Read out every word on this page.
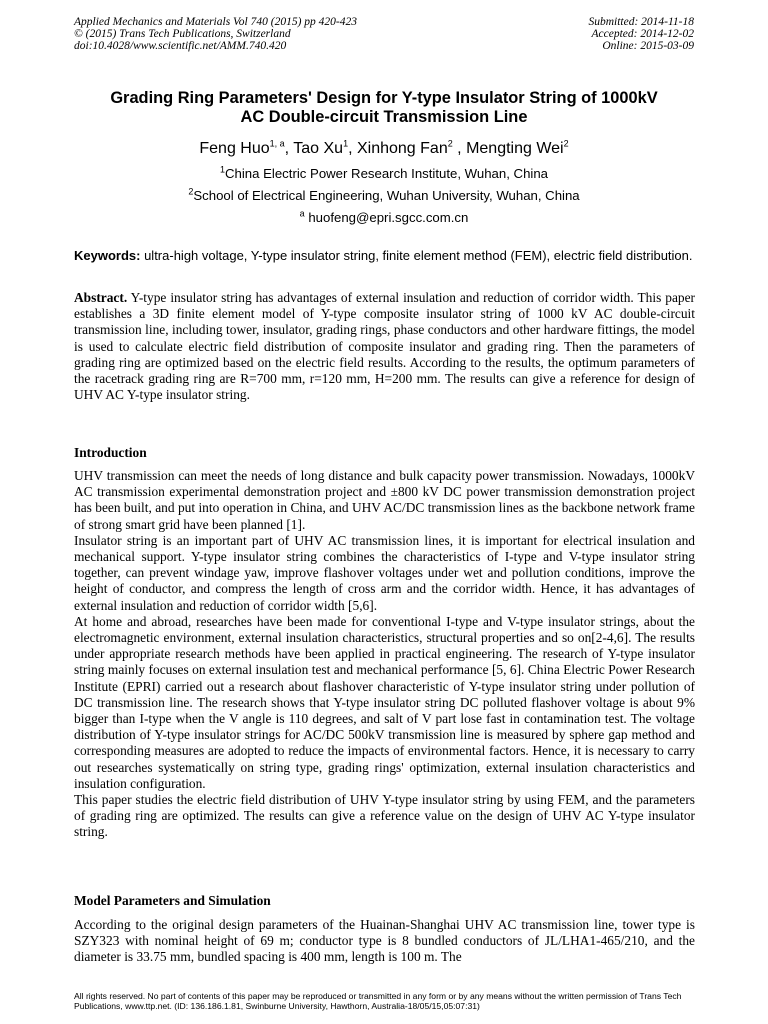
Applied Mechanics and Materials Vol 740 (2015) pp 420-423
© (2015) Trans Tech Publications, Switzerland
doi:10.4028/www.scientific.net/AMM.740.420
Submitted: 2014-11-18
Accepted: 2014-12-02
Online: 2015-03-09
Grading Ring Parameters' Design for Y-type Insulator String of 1000kV
AC Double-circuit Transmission Line
Feng Huo$^{1, a}$, Tao Xu$^1$, Xinhong Fan$^2$ , Mengting Wei$^2$
$^1$China Electric Power Research Institute, Wuhan, China
$^2$School of Electrical Engineering, Wuhan University, Wuhan, China
$^a$ huofeng@epri.sgcc.com.cn
Keywords: ultra-high voltage, Y-type insulator string, finite element method (FEM), electric field distribution.
Abstract. Y-type insulator string has advantages of external insulation and reduction of corridor width. This paper establishes a 3D finite element model of Y-type composite insulator string of 1000 kV AC double-circuit transmission line, including tower, insulator, grading rings, phase conductors and other hardware fittings, the model is used to calculate electric field distribution of composite insulator and grading ring. Then the parameters of grading ring are optimized based on the electric field results. According to the results, the optimum parameters of the racetrack grading ring are R=700 mm, r=120 mm, H=200 mm. The results can give a reference for design of UHV AC Y-type insulator string.
Introduction

UHV transmission can meet the needs of long distance and bulk capacity power transmission. Nowadays, 1000kV AC transmission experimental demonstration project and ±800 kV DC power transmission demonstration project has been built, and put into operation in China, and UHV AC/DC transmission lines as the backbone network frame of strong smart grid have been planned [1].

Insulator string is an important part of UHV AC transmission lines, it is important for electrical insulation and mechanical support. Y-type insulator string combines the characteristics of I-type and V-type insulator string together, can prevent windage yaw, improve flashover voltages under wet and pollution conditions, improve the height of conductor, and compress the length of cross arm and the corridor width. Hence, it has advantages of external insulation and reduction of corridor width [5,6].

At home and abroad, researches have been made for conventional I-type and V-type insulator strings, about the electromagnetic environment, external insulation characteristics, structural properties and so on[2-4,6]. The results under appropriate research methods have been applied in practical engineering. The research of Y-type insulator string mainly focuses on external insulation test and mechanical performance [5, 6]. China Electric Power Research Institute (EPRI) carried out a research about flashover characteristic of Y-type insulator string under pollution of DC transmission line. The research shows that Y-type insulator string DC polluted flashover voltage is about 9% bigger than I-type when the V angle is 110 degrees, and salt of V part lose fast in contamination test. The voltage distribution of Y-type insulator strings for AC/DC 500kV transmission line is measured by sphere gap method and corresponding measures are adopted to reduce the impacts of environmental factors. Hence, it is necessary to carry out researches systematically on string type, grading rings' optimization, external insulation characteristics and insulation configuration.

This paper studies the electric field distribution of UHV Y-type insulator string by using FEM, and the parameters of grading ring are optimized. The results can give a reference value on the design of UHV AC Y-type insulator string.

Model Parameters and Simulation

According to the original design parameters of the Huainan-Shanghai UHV AC transmission line, tower type is SZY323 with nominal height of 69 m; conductor type is 8 bundled conductors of JL/LHA1-465/210, and the diameter is 33.75 mm, bundled spacing is 400 mm, length is 100 m. The

All rights reserved. No part of contents of this paper may be reproduced or transmitted in any form or by any means without the written permission of Trans Tech Publications, www.ttp.net. (ID: 136.186.1.81, Swinburne University, Hawthorn, Australia-18/05/15,05:07:31)
